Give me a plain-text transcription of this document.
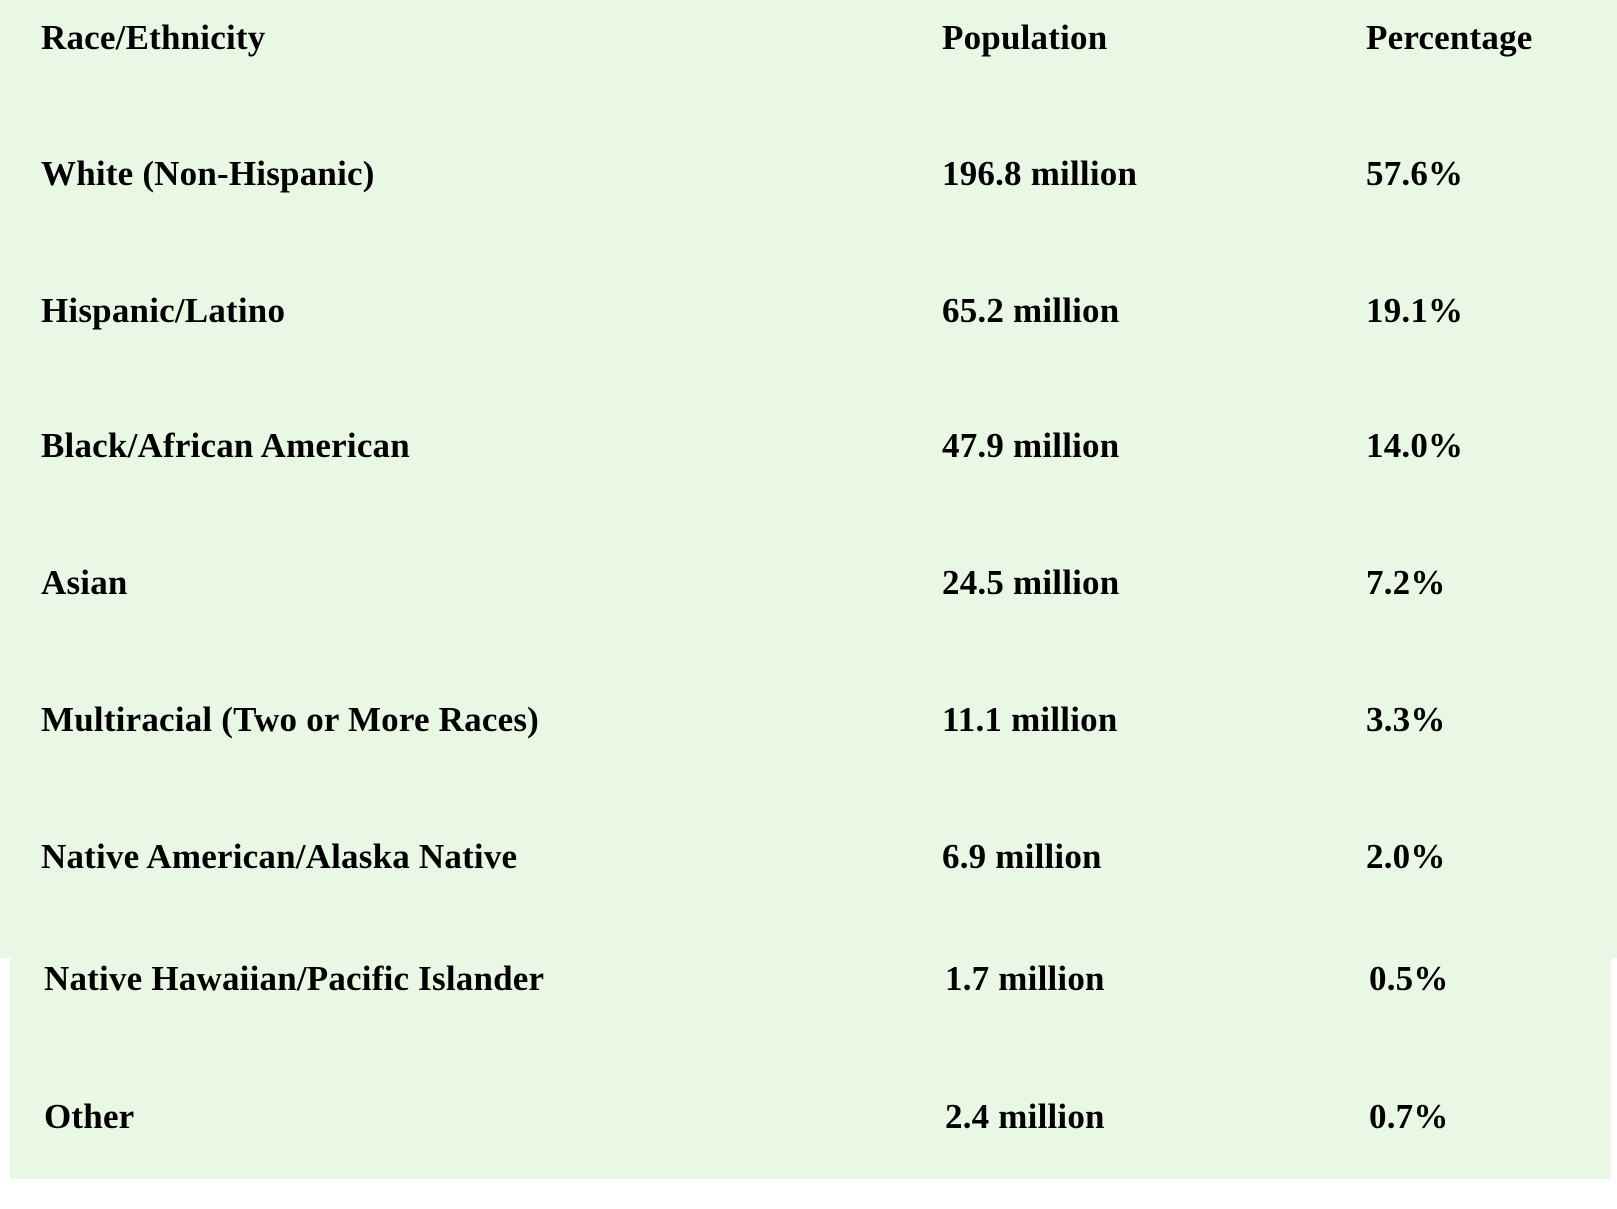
Race/Ethnicity	Population	Percentage
White (Non-Hispanic)	196.8 million	57.6%
Hispanic/Latino	65.2 million	19.1%
Black/African American	47.9 million	14.0%
Asian	24.5 million	7.2%
Multiracial (Two or More Races)	11.1 million	3.3%
Native American/Alaska Native	6.9 million	2.0%
Native Hawaiian/Pacific Islander	1.7 million	0.5%
Other	2.4 million	0.7%
